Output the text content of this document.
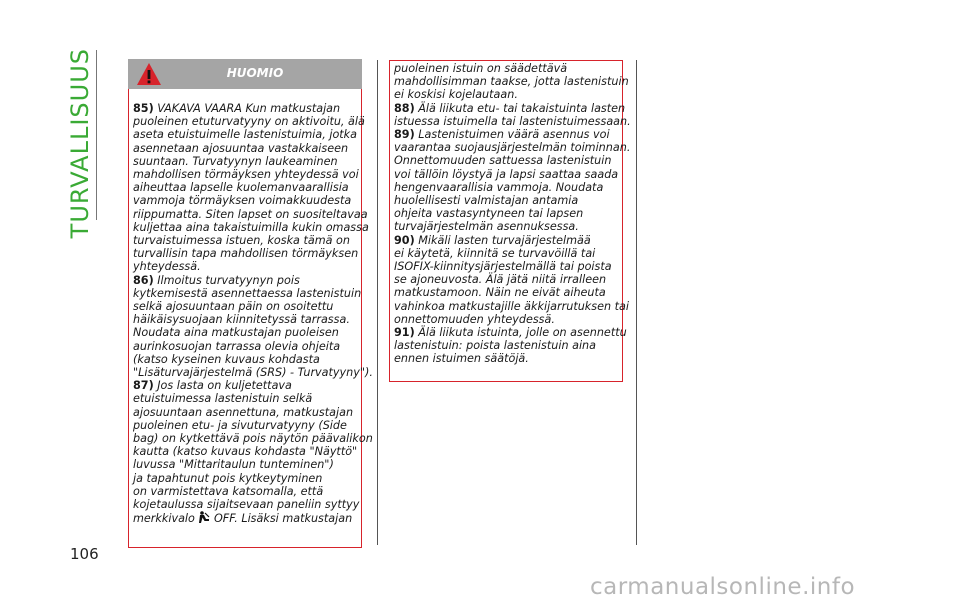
TURVALLISUUS
106
HUOMIO
85) VAKAVA VAARA Kun matkustajan
puoleinen etuturvatyyny on aktivoitu, älä
aseta etuistuimelle lastenistuimia, jotka
asennetaan ajosuuntaa vastakkaiseen
suuntaan. Turvatyynyn laukeaminen
mahdollisen törmäyksen yhteydessä voi
aiheuttaa lapselle kuolemanvaarallisia
vammoja törmäyksen voimakkuudesta
riippumatta. Siten lapset on suositeltavaa
kuljettaa aina takaistuimilla kukin omassa
turvaistuimessa istuen, koska tämä on
turvallisin tapa mahdollisen törmäyksen
yhteydessä.
86) Ilmoitus turvatyynyn pois
kytkemisestä asennettaessa lastenistuin
selkä ajosuuntaan päin on osoitettu
häikäisysuojaan kiinnitetyssä tarrassa.
Noudata aina matkustajan puoleisen
aurinkosuojan tarrassa olevia ohjeita
(katso kyseinen kuvaus kohdasta
"Lisäturvajärjestelmä (SRS) - Turvatyyny").
87) Jos lasta on kuljetettava
etuistuimessa lastenistuin selkä
ajosuuntaan asennettuna, matkustajan
puoleinen etu- ja sivuturvatyyny (Side
bag) on kytkettävä pois näytön päävalikon
kautta (katso kuvaus kohdasta "Näyttö"
luvussa "Mittaritaulun tunteminen")
ja tapahtunut pois kytkeytyminen
on varmistettava katsomalla, että
kojetaulussa sijaitsevaan paneliin syttyy
merkkivalo  OFF. Lisäksi matkustajan
puoleinen istuin on säädettävä
mahdollisimman taakse, jotta lastenistuin
ei koskisi kojelautaan.
88) Älä liikuta etu- tai takaistuinta lasten
istuessa istuimella tai lastenistuimessaan.
89) Lastenistuimen väärä asennus voi
vaarantaa suojausjärjestelmän toiminnan.
Onnettomuuden sattuessa lastenistuin
voi tällöin löystyä ja lapsi saattaa saada
hengenvaarallisia vammoja. Noudata
huolellisesti valmistajan antamia
ohjeita vastasyntyneen tai lapsen
turvajärjestelmän asennuksessa.
90) Mikäli lasten turvajärjestelmää
ei käytetä, kiinnitä se turvavöillä tai
ISOFIX-kiinnitysjärjestelmällä tai poista
se ajoneuvosta. Älä jätä niitä irralleen
matkustamoon. Näin ne eivät aiheuta
vahinkoa matkustajille äkkijarrutuksen tai
onnettomuuden yhteydessä.
91) Älä liikuta istuinta, jolle on asennettu
lastenistuin: poista lastenistuin aina
ennen istuimen säätöjä.
carmanualsonline.info
